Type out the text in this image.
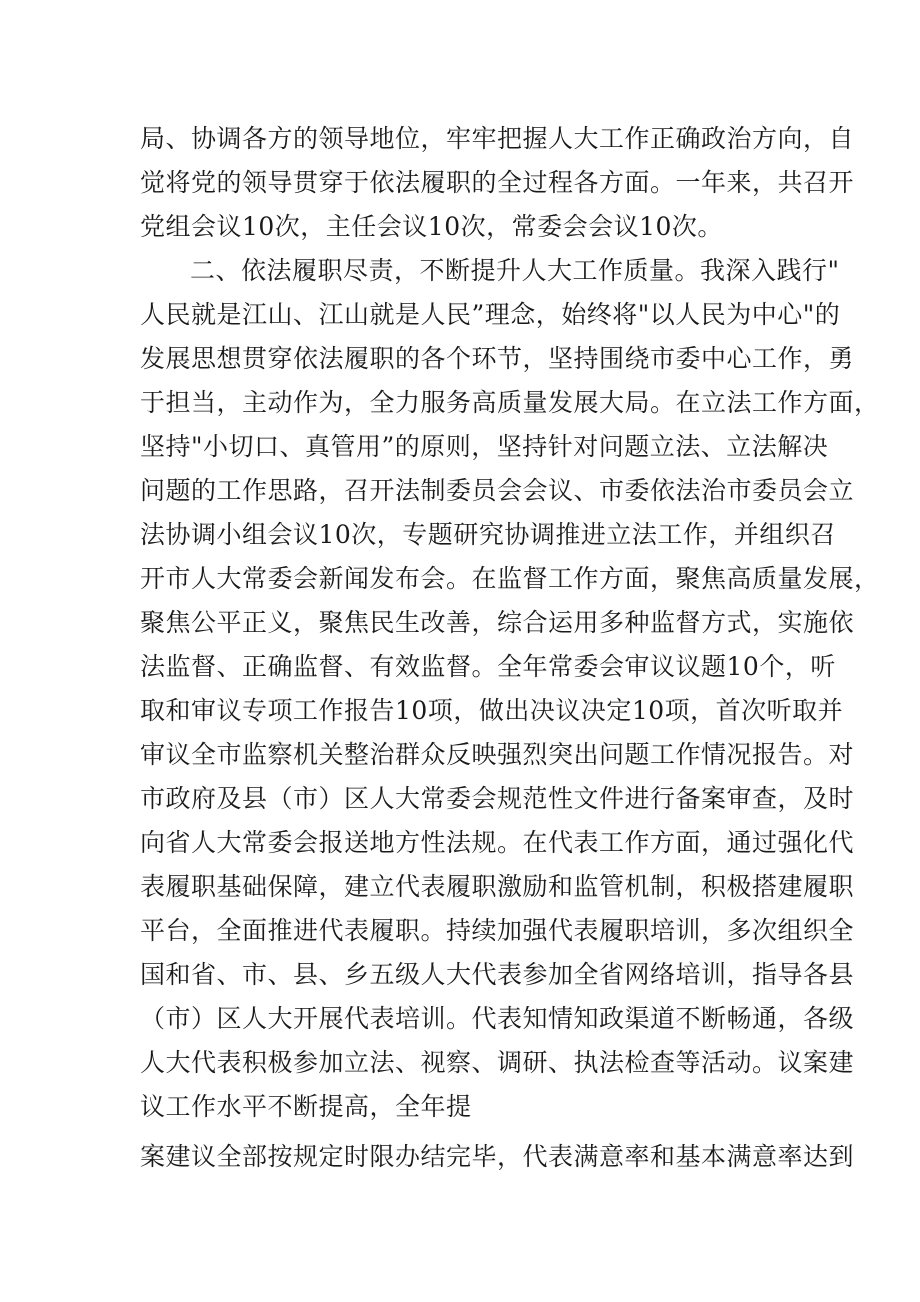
局、协调各方的领导地位，牢牢把握人大工作正确政治方向，自
觉将党的领导贯穿于依法履职的全过程各方面。一年来，共召开
党组会议10次，主任会议10次，常委会会议10次。
二、依法履职尽责，不断提升人大工作质量。我深入践行"
人民就是江山、江山就是人民”理念，始终将"以人民为中心"的
发展思想贯穿依法履职的各个环节，坚持围绕市委中心工作，勇
于担当，主动作为，全力服务高质量发展大局。在立法工作方面，
坚持"小切口、真管用”的原则，坚持针对问题立法、立法解决
问题的工作思路，召开法制委员会会议、市委依法治市委员会立
法协调小组会议10次，专题研究协调推进立法工作，并组织召
开市人大常委会新闻发布会。在监督工作方面，聚焦高质量发展，
聚焦公平正义，聚焦民生改善，综合运用多种监督方式，实施依
法监督、正确监督、有效监督。全年常委会审议议题10个，听
取和审议专项工作报告10项，做出决议决定10项，首次听取并
审议全市监察机关整治群众反映强烈突出问题工作情况报告。对
市政府及县（市）区人大常委会规范性文件进行备案审查，及时
向省人大常委会报送地方性法规。在代表工作方面，通过强化代
表履职基础保障，建立代表履职激励和监管机制，积极搭建履职
平台，全面推进代表履职。持续加强代表履职培训，多次组织全
国和省、市、县、乡五级人大代表参加全省网络培训，指导各县
（市）区人大开展代表培训。代表知情知政渠道不断畅通，各级
人大代表积极参加立法、视察、调研、执法检查等活动。议案建
议工作水平不断提高，全年提
案建议全部按规定时限办结完毕，代表满意率和基本满意率达到
